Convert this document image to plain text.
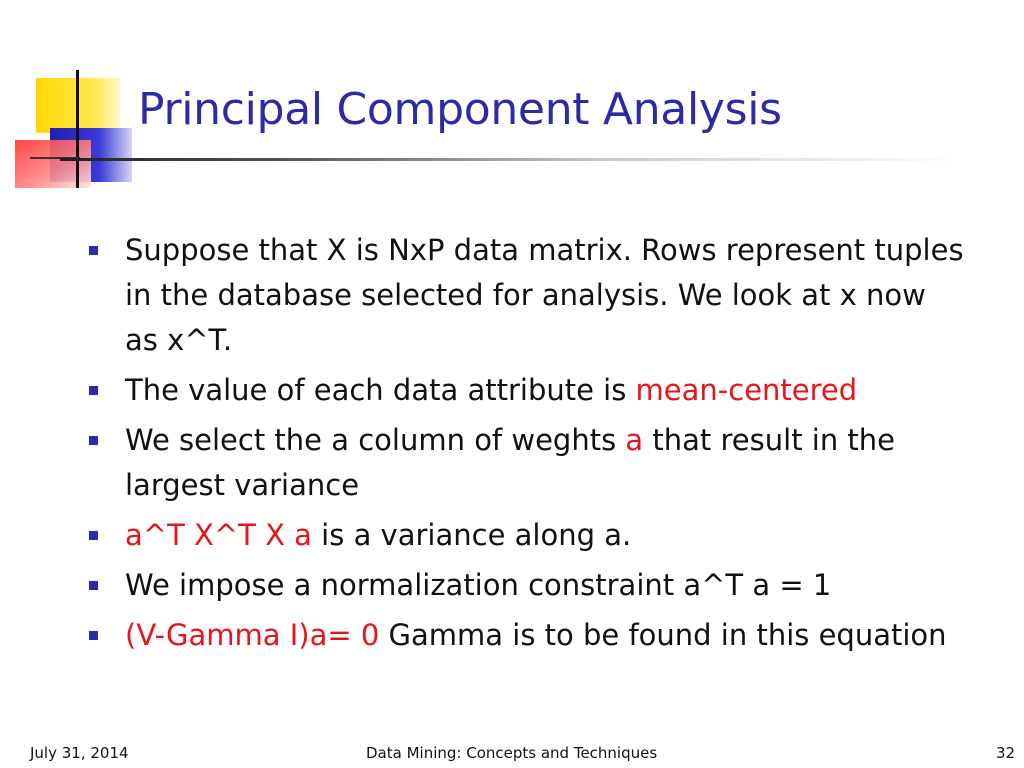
Principal Component Analysis
Suppose that X is NxP data matrix. Rows represent tuples in the database selected for analysis. We look at x now as x^T.
The value of each data attribute is mean-centered
We select the a column of weghts a that result in the largest variance
a^T X^T X a is a variance along a.
We impose a normalization constraint a^T a = 1
(V-Gamma I)a= 0 Gamma is to be found in this equation
July 31, 2014	Data Mining: Concepts and Techniques	32
